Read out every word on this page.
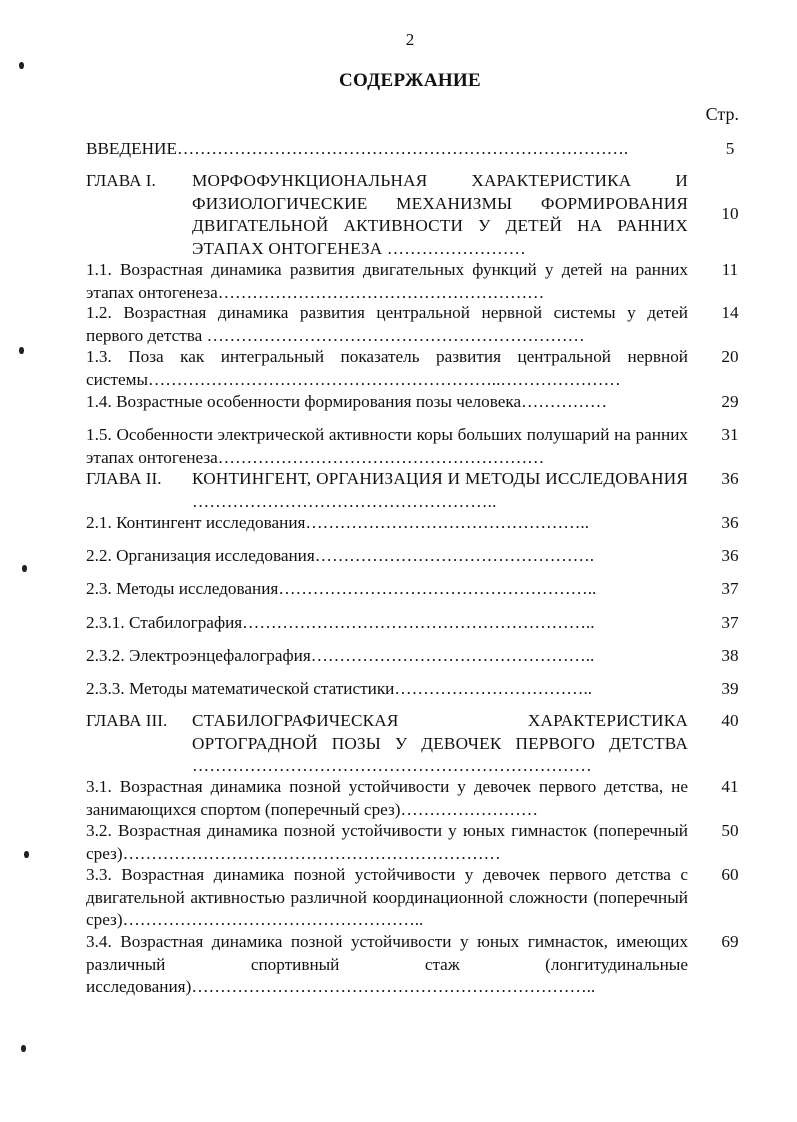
2
СОДЕРЖАНИЕ
Стр.
ВВЕДЕНИЕ…………………………………………………………………….	5
ГЛАВА I.	МОРФОФУНКЦИОНАЛЬНАЯ ХАРАКТЕРИСТИКА И ФИЗИОЛОГИЧЕСКИЕ МЕХАНИЗМЫ ФОРМИРОВАНИЯ ДВИГАТЕЛЬНОЙ АКТИВНОСТИ У ДЕТЕЙ НА РАННИХ ЭТАПАХ ОНТОГЕНЕЗА ……………………
10
1.1. Возрастная динамика развития двигательных функций у детей на ранних этапах онтогенеза…………………………………………………
11
1.2. Возрастная динамика развития центральной нервной системы у детей первого детства …………………………………………………………
14
1.3. Поза как интегральный показатель развития центральной нервной системы……………………………………………………..…………………
20
1.4. Возрастные особенности формирования позы человека……………	29
1.5. Особенности электрической активности коры больших полушарий на ранних этапах онтогенеза…………………………………………………
31
ГЛАВА II.	КОНТИНГЕНТ, ОРГАНИЗАЦИЯ И МЕТОДЫ ИССЛЕДОВАНИЯ ……………………………………………..
36
2.1. Контингент исследования…………………………………………..	36
2.2. Организация исследования………………………………………….	36
2.3. Методы исследования………………………………………………..	37
2.3.1. Стабилография……………………………………………………..	37
2.3.2. Электроэнцефалография…………………………………………..	38
2.3.3. Методы математической статистики……………………………..	39
ГЛАВА III.	СТАБИЛОГРАФИЧЕСКАЯ ХАРАКТЕРИСТИКА ОРТОГРАДНОЙ ПОЗЫ У ДЕВОЧЕК ПЕРВОГО ДЕТСТВА ……………………………………………………………
40
3.1. Возрастная динамика позной устойчивости у девочек первого детства, не занимающихся спортом (поперечный срез)……………………
41
3.2. Возрастная динамика позной устойчивости у юных гимнасток (поперечный срез)…………………………………………………………
50
3.3. Возрастная динамика позной устойчивости у девочек первого детства с двигательной активностью различной координационной сложности (поперечный срез)……………………………………………..
60
3.4. Возрастная динамика позной устойчивости у юных гимнасток, имеющих различный спортивный стаж (лонгитудинальные исследования)……………………………………………………………..
69
